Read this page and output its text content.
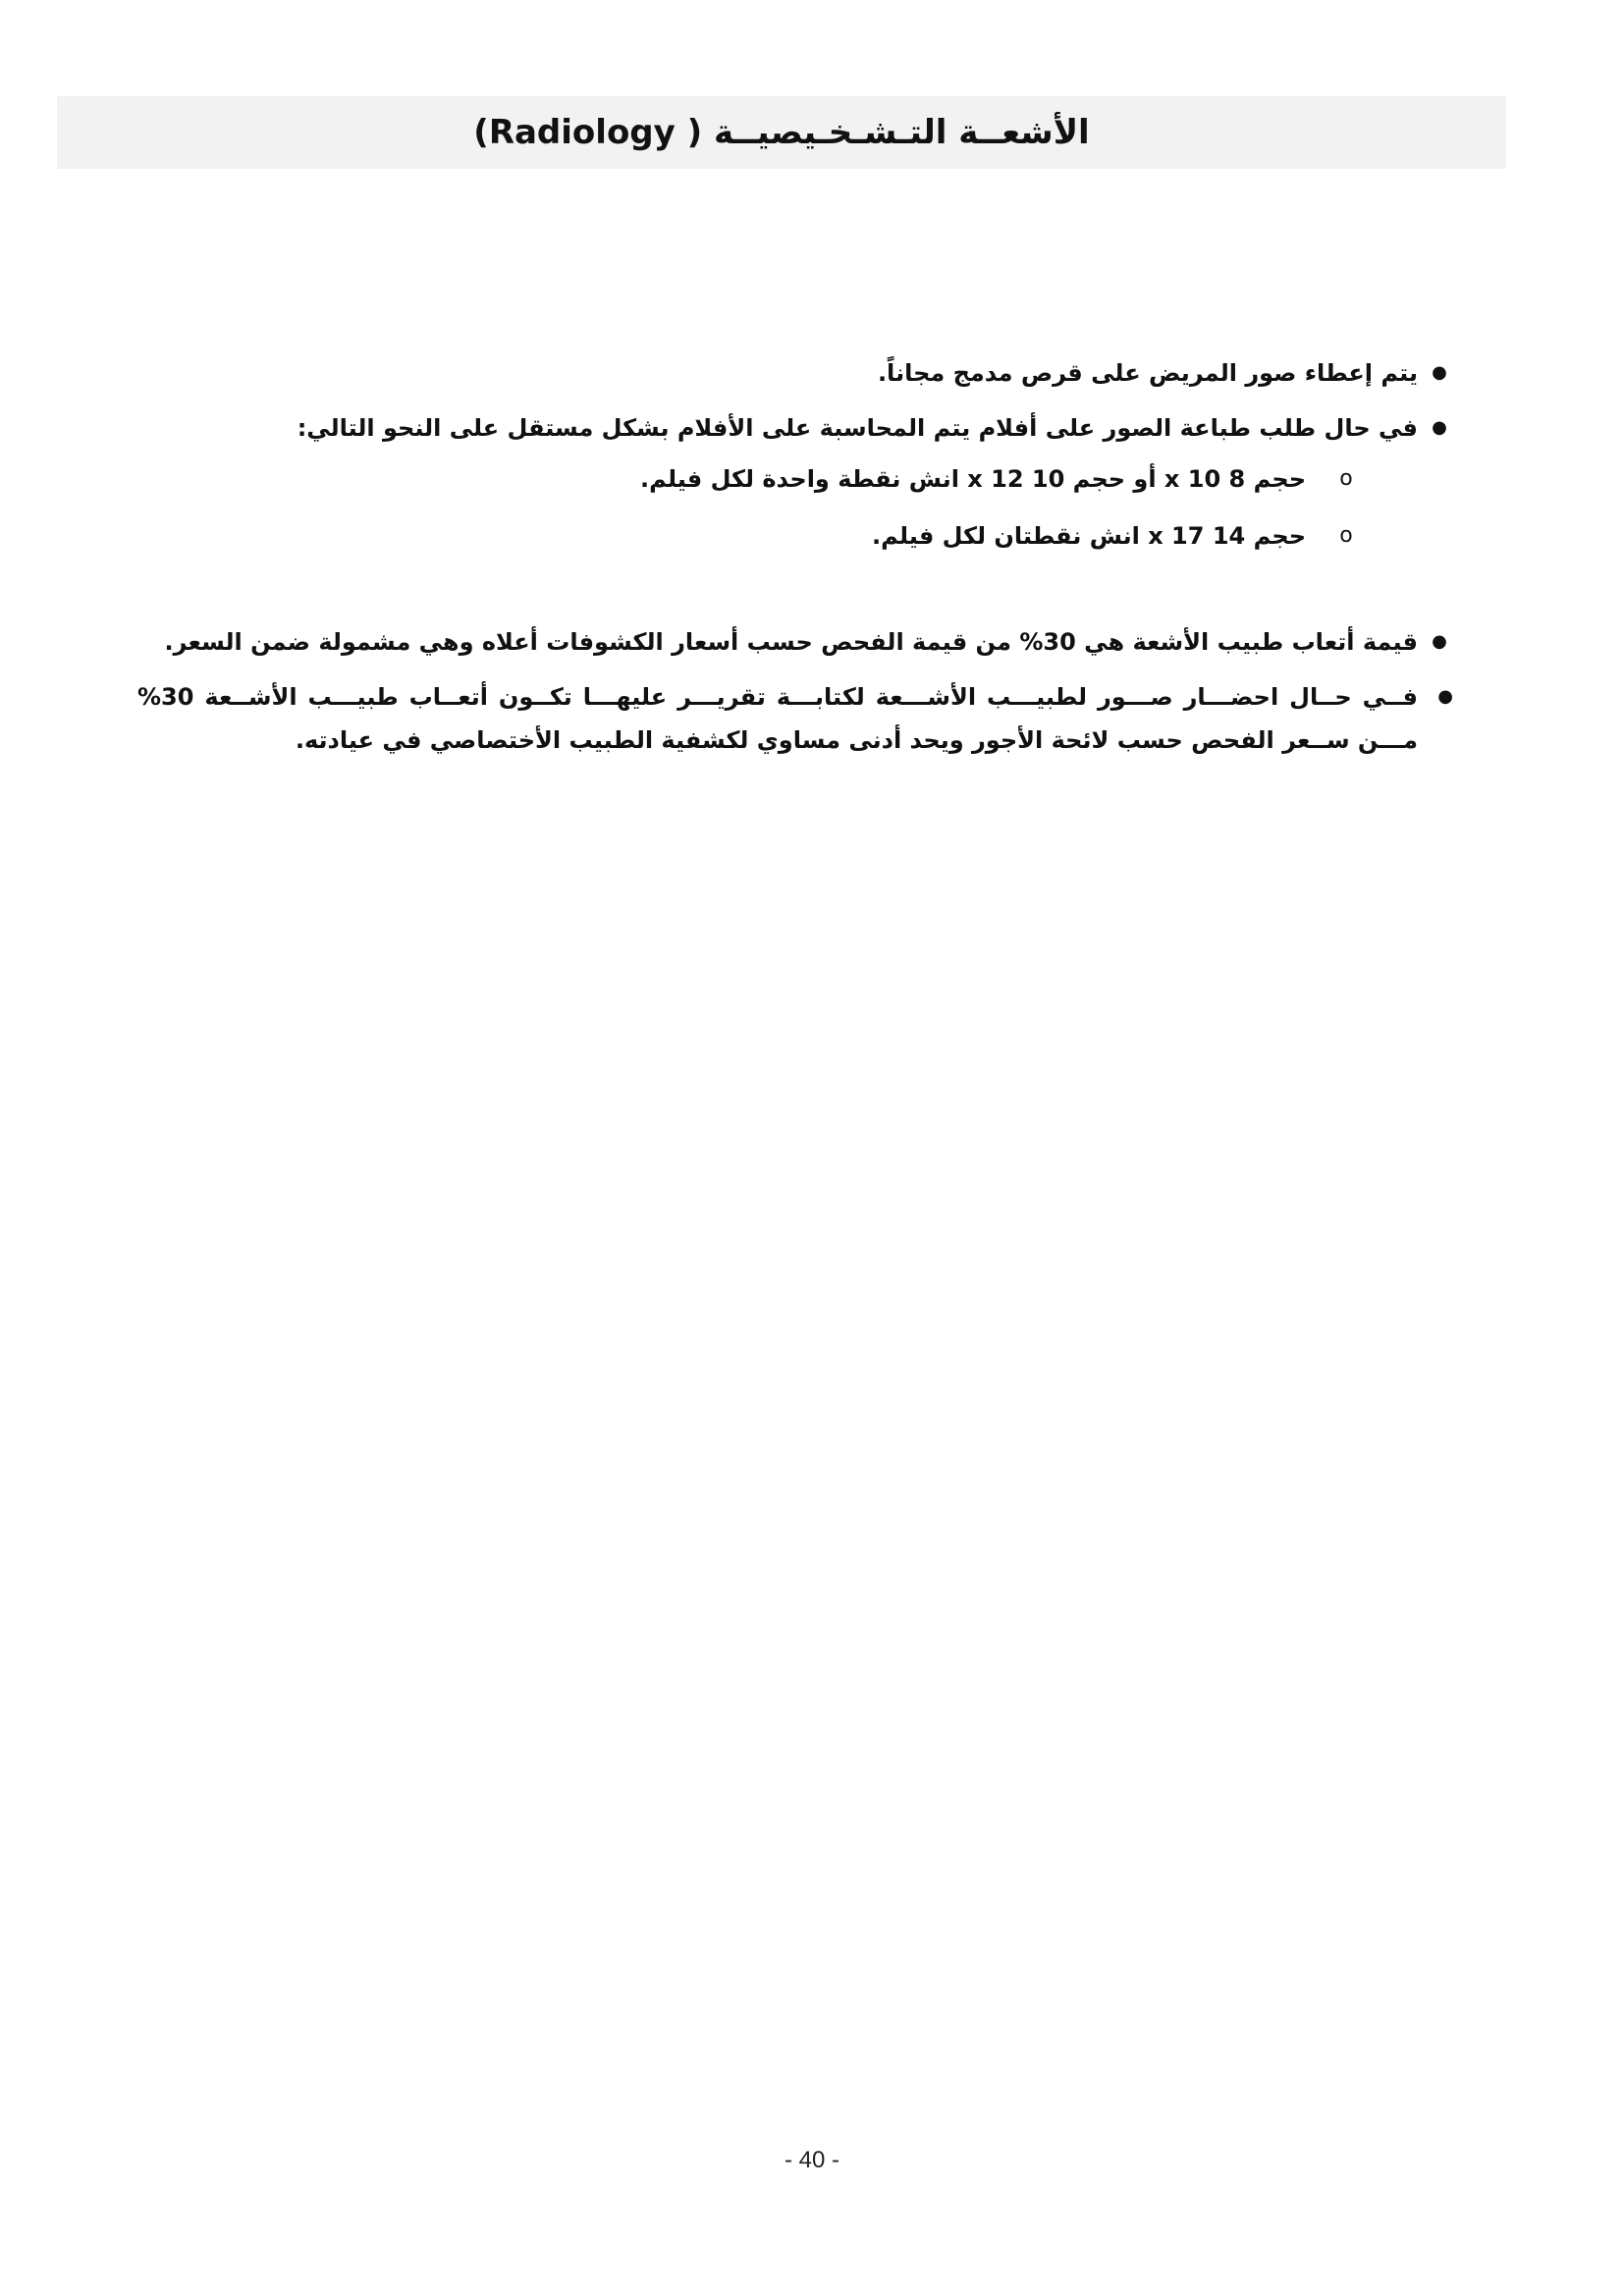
الأشعــة التـشـخـيصيــة ( Radiology)
●
يتم إعطاء صور المريض على قرص مدمج مجاناً.
●
في حال طلب طباعة الصور على أفلام يتم المحاسبة على الأفلام بشكل مستقل على النحو التالي:
o
حجم 8 x 10 أو حجم 10 x 12 انش نقطة واحدة لكل فيلم.
o
حجم 14 x 17 انش نقطتان لكل فيلم.
●
قيمة أتعاب طبيب الأشعة هي 30% من قيمة الفحص حسب أسعار الكشوفات أعلاه وهي مشمولة ضمن السعر.
●
فــي حــال احضـــار صـــور لطبيـــب الأشـــعة لكتابـــة تقريـــر عليهـــا تكــون أتعــاب طبيـــب الأشــعة 30% مـــن ســعر الفحص حسب لائحة الأجور ويحد أدنى مساوي لكشفية الطبيب الأختصاصي في عيادته.
- 40 -
